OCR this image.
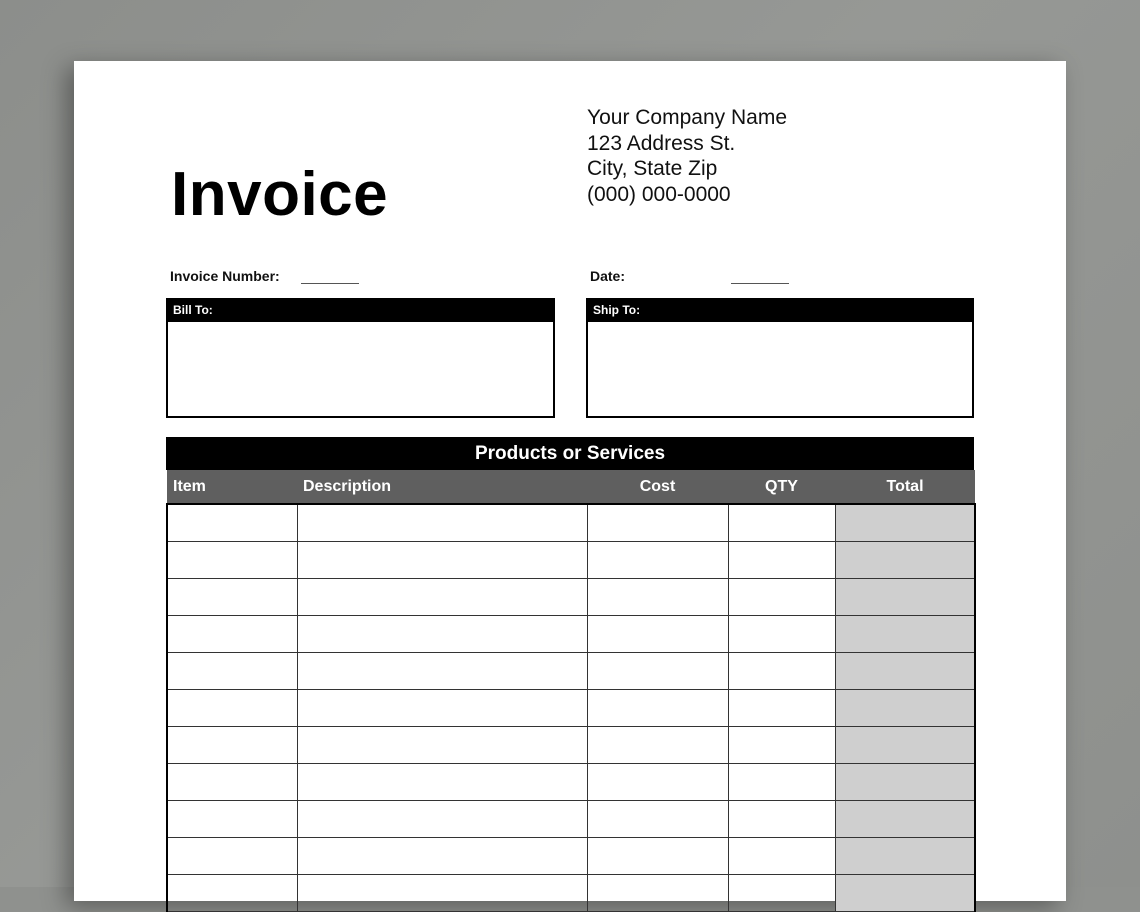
Invoice
Your Company Name
123 Address St.
City, State Zip
(000) 000-0000
Invoice Number:	Date:
Bill To:	Ship To:
Products or Services
Item	Description	Cost	QTY	Total
